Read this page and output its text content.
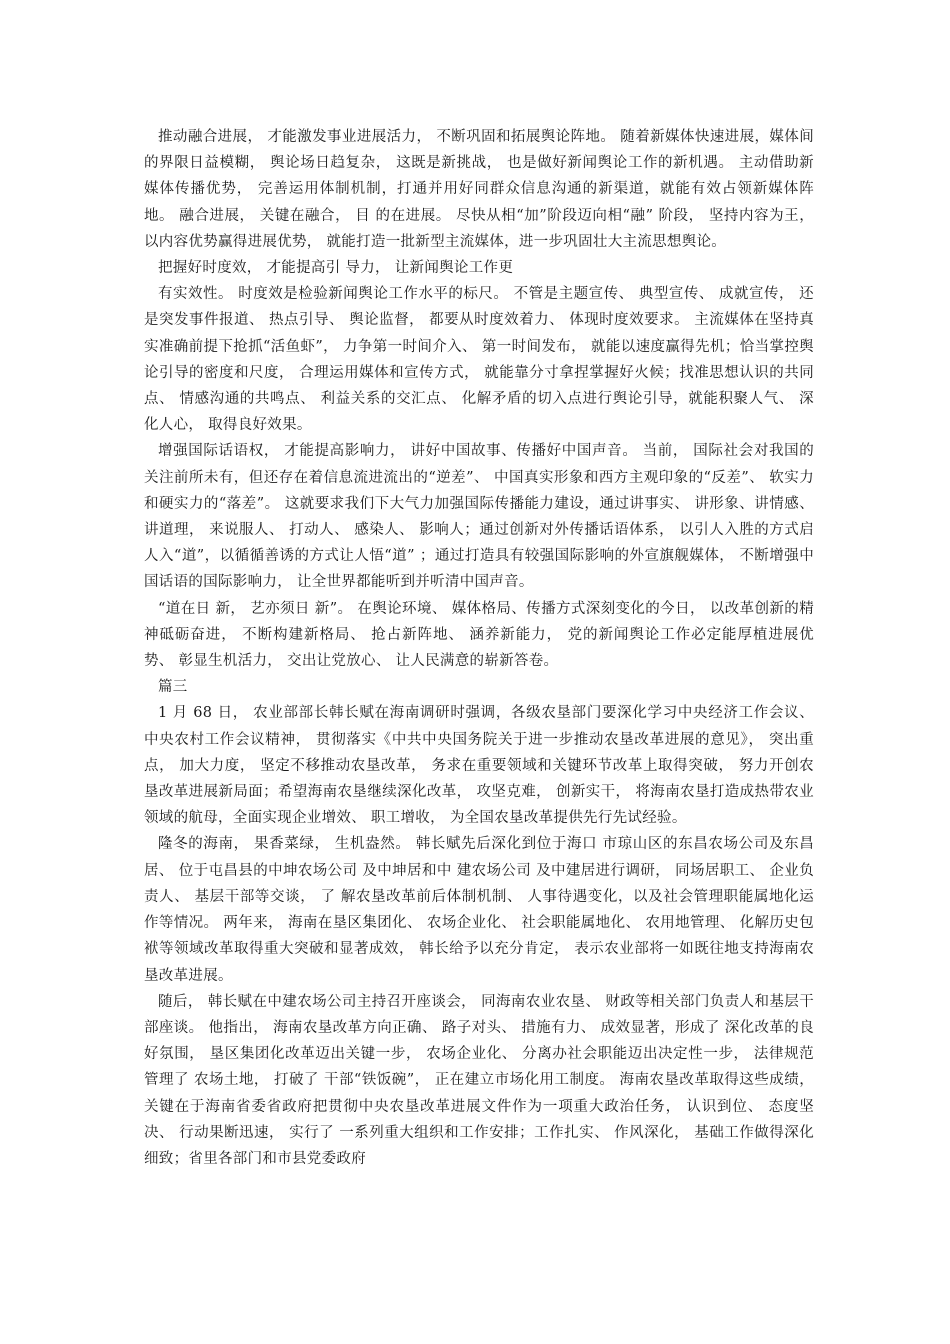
推动融合进展， 才能激发事业进展活力， 不断巩固和拓展舆论阵地。 随着新媒体快速进展，媒体间的界限日益模糊， 舆论场日趋复杂， 这既是新挑战， 也是做好新闻舆论工作的新机遇。 主动借助新媒体传播优势， 完善运用体制机制，打通并用好同群众信息沟通的新渠道，就能有效占领新媒体阵地。 融合进展， 关键在融合， 目 的在进展。 尽快从相“加”阶段迈向相“融” 阶段， 坚持内容为王， 以内容优势赢得进展优势， 就能打造一批新型主流媒体，进一步巩固壮大主流思想舆论。

把握好时度效， 才能提高引 导力， 让新闻舆论工作更

有实效性。 时度效是检验新闻舆论工作水平的标尺。 不管是主题宣传、 典型宣传、 成就宣传， 还是突发事件报道、 热点引导、 舆论监督， 都要从时度效着力、 体现时度效要求。 主流媒体在坚持真实准确前提下抢抓“活鱼虾”， 力争第一时间介入、 第一时间发布， 就能以速度赢得先机；恰当掌控舆论引导的密度和尺度， 合理运用媒体和宣传方式， 就能靠分寸拿捏掌握好火候；找准思想认识的共同点、 情感沟通的共鸣点、 利益关系的交汇点、 化解矛盾的切入点进行舆论引导，就能积聚人气、 深化人心， 取得良好效果。

增强国际话语权， 才能提高影响力， 讲好中国故事、传播好中国声音。 当前， 国际社会对我国的关注前所未有，但还存在着信息流进流出的“逆差”、 中国真实形象和西方主观印象的“反差”、 软实力和硬实力的“落差”。 这就要求我们下大气力加强国际传播能力建设，通过讲事实、 讲形象、讲情感、 讲道理， 来说服人、 打动人、 感染人、 影响人；通过创新对外传播话语体系， 以引人入胜的方式启人入“道”，以循循善诱的方式让人悟“道” ；通过打造具有较强国际影响的外宣旗舰媒体， 不断增强中国话语的国际影响力， 让全世界都能听到并听清中国声音。

“道在日 新， 艺亦须日 新”。 在舆论环境、 媒体格局、传播方式深刻变化的今日， 以改革创新的精神砥砺奋进， 不断构建新格局、 抢占新阵地、 涵养新能力， 党的新闻舆论工作必定能厚植进展优势、 彰显生机活力， 交出让党放心、 让人民满意的崭新答卷。

篇三

1 月 68 日， 农业部部长韩长赋在海南调研时强调，各级农垦部门要深化学习中央经济工作会议、 中央农村工作会议精神， 贯彻落实《中共中央国务院关于进一步推动农垦改革进展的意见》， 突出重点， 加大力度， 坚定不移推动农垦改革， 务求在重要领域和关键环节改革上取得突破， 努力开创农垦改革进展新局面；希望海南农垦继续深化改革， 攻坚克难， 创新实干， 将海南农垦打造成热带农业领域的航母，全面实现企业增效、 职工增收， 为全国农垦改革提供先行先试经验。

隆冬的海南， 果香菜绿， 生机盎然。 韩长赋先后深化到位于海口 市琼山区的东昌农场公司及东昌居、 位于屯昌县的中坤农场公司 及中坤居和中 建农场公司 及中建居进行调研， 同场居职工、 企业负责人、 基层干部等交谈， 了 解农垦改革前后体制机制、 人事待遇变化，以及社会管理职能属地化运作等情况。 两年来， 海南在垦区集团化、 农场企业化、 社会职能属地化、 农用地管理、 化解历史包袱等领域改革取得重大突破和显著成效， 韩长给予以充分肯定， 表示农业部将一如既往地支持海南农垦改革进展。

随后， 韩长赋在中建农场公司主持召开座谈会， 同海南农业农垦、 财政等相关部门负责人和基层干部座谈。 他指出， 海南农垦改革方向正确、 路子对头、 措施有力、 成效显著，形成了 深化改革的良好氛围， 垦区集团化改革迈出关键一步， 农场企业化、 分离办社会职能迈出决定性一步， 法律规范管理了 农场土地， 打破了 干部“铁饭碗”， 正在建立市场化用工制度。 海南农垦改革取得这些成绩， 关键在于海南省委省政府把贯彻中央农垦改革进展文件作为一项重大政治任务， 认识到位、 态度坚决、 行动果断迅速， 实行了 一系列重大组织和工作安排；工作扎实、 作风深化， 基础工作做得深化细致；省里各部门和市县党委政府
